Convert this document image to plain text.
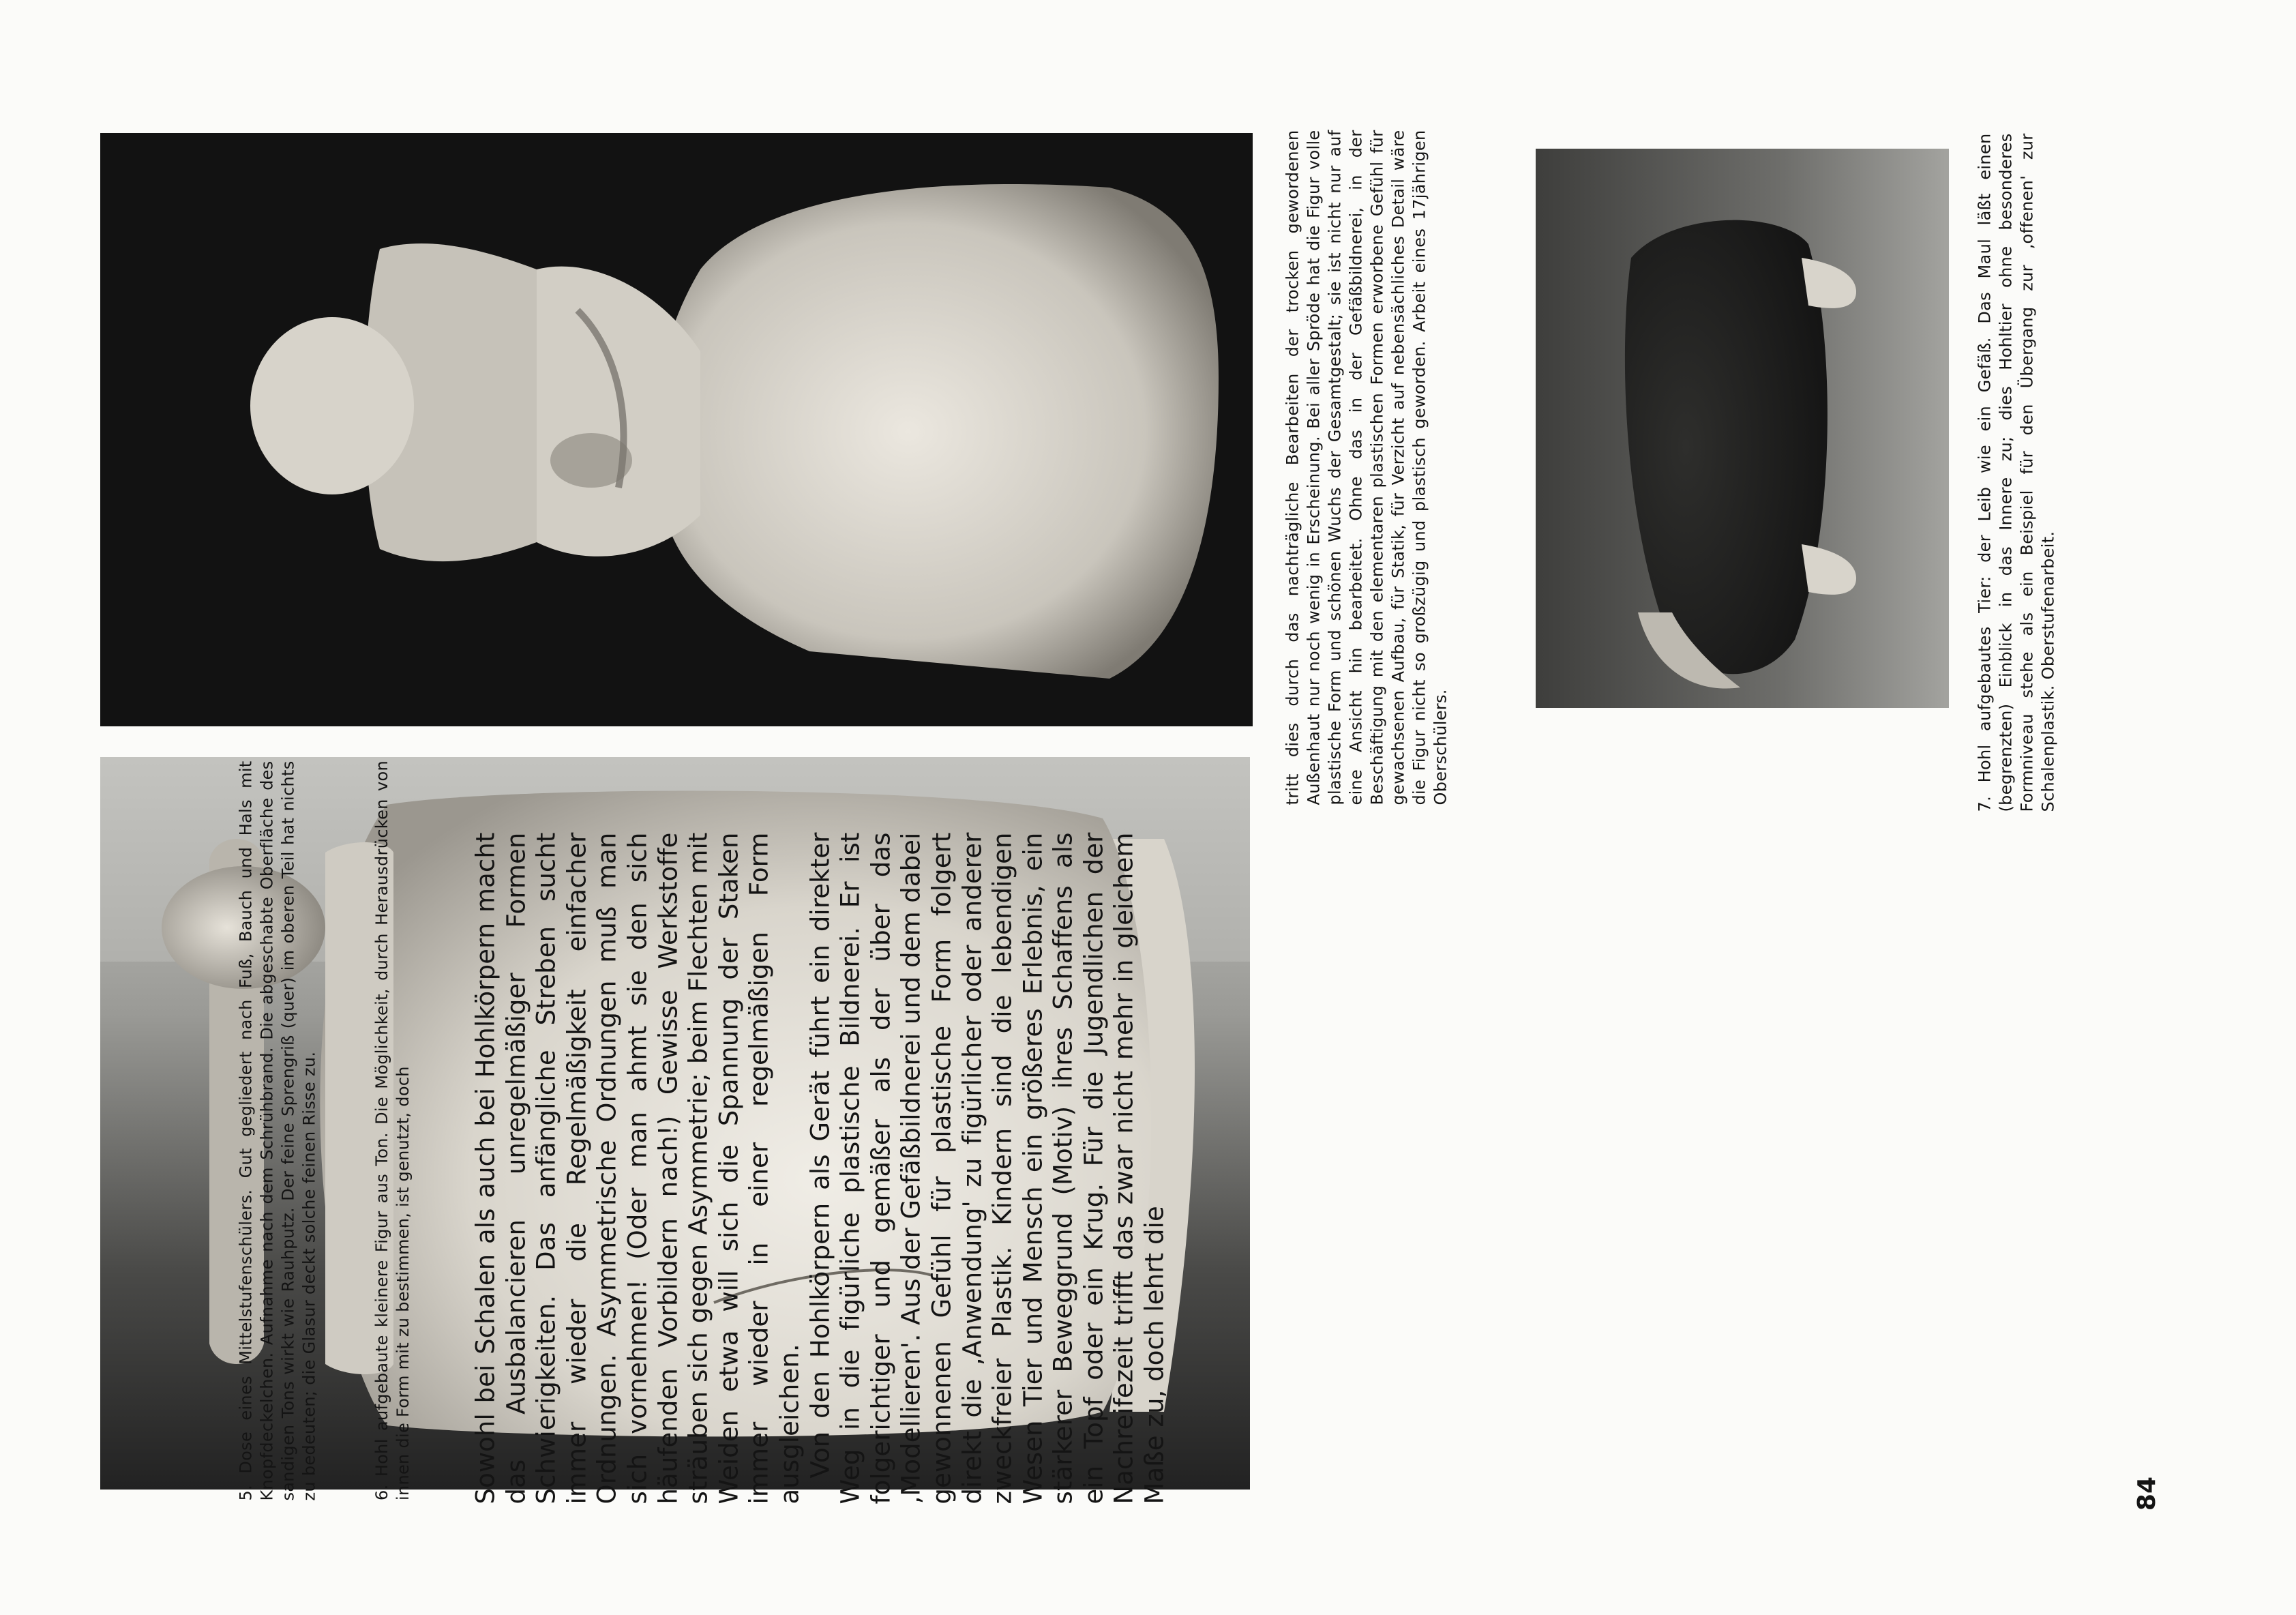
5. Dose eines Mittelstufenschülers. Gut gegliedert nach Fuß, Bauch und Hals mit Knopfdeckelchen. Aufnahme nach dem Schrühbrand. Die abgeschabte Oberfläche des sandigen Tons wirkt wie Rauhputz. Der feine Sprengriß (quer) im oberen Teil hat nichts zu bedeuten; die Glasur deckt solche feinen Risse zu.	6. Hohl aufgebaute kleinere Figur aus Ton. Die Möglichkeit, durch Herausdrücken von innen die Form mit zu bestimmen, ist genutzt, doch

7. Hohl aufgebautes Tier: der Leib wie ein Gefäß. Das Maul läßt einen (begrenzten) Einblick in das Innere zu; dies Hohltier ohne besonderes Formniveau stehe als ein Beispiel für den Übergang zur ‚offenen' zur Schalenplastik. Oberstufenarbeit.

Sowohl bei Schalen als auch bei Hohlkörpern macht das Ausbalancieren unregelmäßiger Formen Schwierigkeiten. Das anfängliche Streben sucht immer wieder die Regelmäßigkeit einfacher Ordnungen. Asymmetrische Ordnungen muß man sich vornehmen! (Oder man ahmt sie den sich häufenden Vorbildern nach!) Gewisse Werkstoffe sträuben sich gegen Asymmetrie; beim Flechten mit Weiden etwa will sich die Spannung der Staken immer wieder in einer regelmäßigen Form ausgleichen. Von den Hohlkörpern als Gerät führt ein direkter Weg in die figürliche plastische Bildnerei. Er ist folgerichtiger und gemäßer als der über das ‚Modellieren'. Aus der Gefäßbildnerei und dem dabei gewonnenen Gefühl für plastische Form folgert direkt die ‚Anwendung' zu figürlicher oder anderer zweckfreier Plastik. Kindern sind die lebendigen Wesen Tier und Mensch ein größeres Erlebnis, ein stärkerer Beweggrund (Motiv) ihres Schaffens als ein Topf oder ein Krug. Für die Jugendlichen der Nachreifezeit trifft das zwar nicht mehr in gleichem Maße zu, doch lehrt die	84

tritt dies durch das nachträgliche Bearbeiten der trocken gewordenen Außenhaut nur noch wenig in Erscheinung. Bei aller Spröde hat die Figur volle plastische Form und schönen Wuchs der Gesamtgestalt; sie ist nicht nur auf eine Ansicht hin bearbeitet. Ohne das in der Gefäßbildnerei, in der Beschäftigung mit den elementaren plastischen Formen erworbene Gefühl für gewachsenen Aufbau, für Statik, für Verzicht auf nebensächliches Detail wäre die Figur nicht so großzügig und plastisch geworden. Arbeit eines 17jährigen Oberschülers.
